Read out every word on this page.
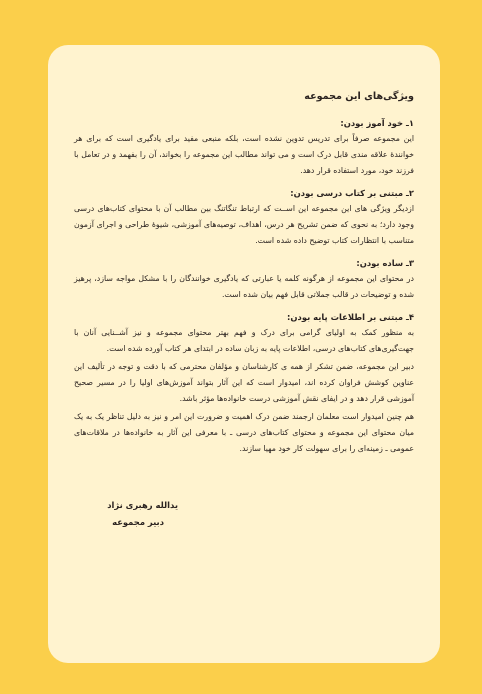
ویژگی‌های این مجموعه
۱ـ خود آموز بودن:

این مجموعه صرفاً برای تدریس تدوین نشده است، بلکه منبعی مفید برای یادگیری است که برای هر خوانندهٔ علاقه مندی قابل درک است و می تواند مطالب این مجموعه را بخواند، آن را بفهمد و در تعامل با فرزند خود، مورد استفاده قرار دهد.

۲ـ مبتنی بر کتاب درسی بودن:

ازدیگر ویژگی های این مجموعه این اســت که ارتباط تنگاتنگ بین مطالب آن با محتوای کتاب‌های درسی وجود دارد؛ به نحوی که ضمن تشریح هر درس، اهداف، توصیه‌های آموزشی، شیوهٔ طراحی و اجرای آزمون متناسب با انتظارات کتاب توضیح داده شده است.

۳ـ ساده بودن:

در محتوای این مجموعه از هرگونه کلمه یا عبارتی که یادگیری خوانندگان را با مشکل مواجه سازد، پرهیز شده و توضیحات در قالب جملاتی قابل فهم بیان شده است.

۴ـ مبتنی بر اطلاعات پایه بودن:

به منظور کمک به اولیای گرامی برای درک و فهم بهتر محتوای مجموعه و نیز آشــنایی آنان با جهت‌گیری‌های کتاب‌های درسی، اطلاعات پایه به زبان ساده در ابتدای هر کتاب آورده شده است.

دبیر این مجموعه، ضمن تشکر از همه ی کارشناسان و مؤلفان محترمی که با دقت و توجه در تألیف این عناوین کوشش فراوان کرده اند، امیدوار است که این آثار بتواند آموزش‌های اولیا را در مسیر صحیح آموزشی قرار دهد و در ایفای نقش آموزشی درست خانواده‌ها مؤثر باشد.

هم چنین امیدوار است معلمان ارجمند ضمن درک اهمیت و ضرورت این امر و نیز به دلیل تناظر یک به یک میان محتوای این مجموعه و محتوای کتاب‌های درسی ـ با معرفی این آثار به خانواده‌ها در ملاقات‌های عمومی ـ زمینه‌ای را برای سهولت کار خود مهیا سازند.

یدالله رهبری نژاد
دبیر مجموعه
